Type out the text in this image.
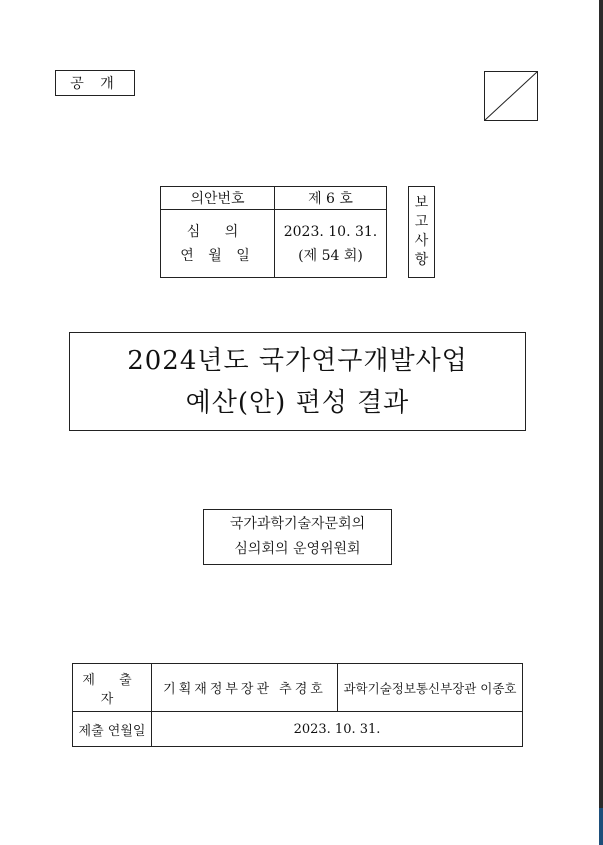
공 개
의안번호	제 6 호

심 의
연 월 일	2023. 10. 31.
(제 54 회)
보
고
사
항
2024년도 국가연구개발사업
예산(안) 편성 결과
국가과학기술자문회의
심의회의 운영위원회
제 출 자	기획재정부장관 추경호	과학기술정보통신부장관 이종호
제출 연월일	2023. 10. 31.	
